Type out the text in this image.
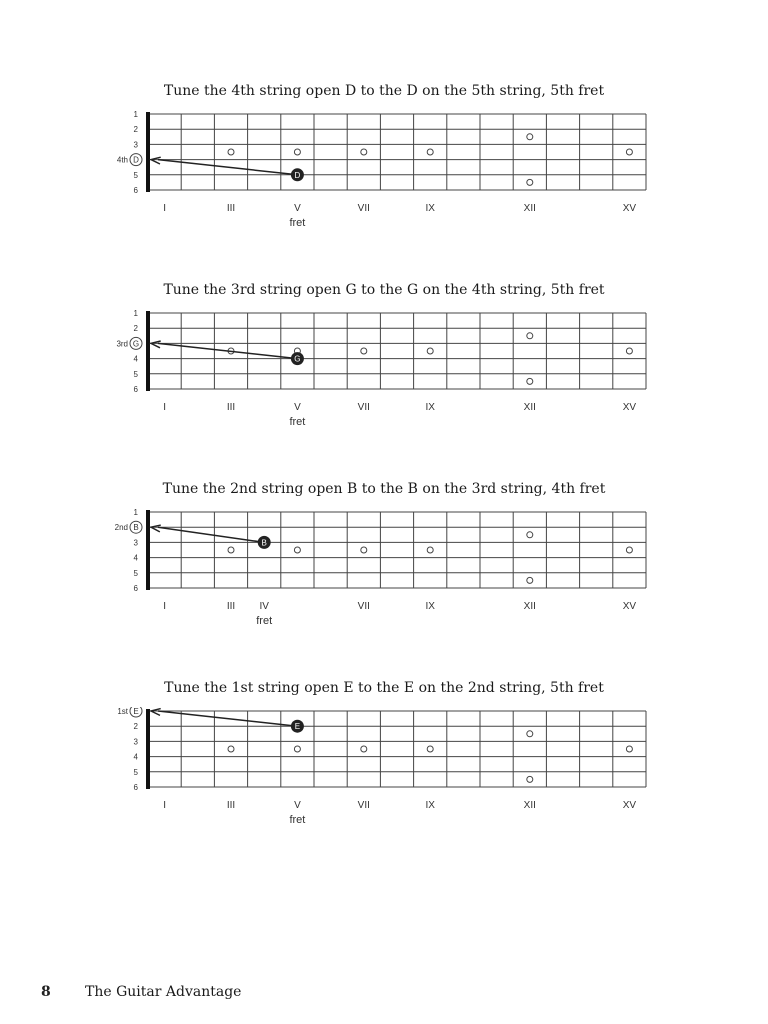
Tune the 4th string open D to the D on the 5th string, 5th fret
1
2
3
5
6
4th D
D
I	III	V	VII	IX	XII	XV
fret
Tune the 3rd string open G to the G on the 4th string, 5th fret
1
2
4
5
6
3rd G
G
I	III	V	VII	IX	XII	XV
fret
Tune the 2nd string open B to the B on the 3rd string, 4th fret
1
3
4
5
6
2nd B
B
I	III IV	VII	IX	XII	XV
fret
Tune the 1st string open E to the E on the 2nd string, 5th fret
2
3
4
5
6
1st E
E
I	III	V	VII	IX	XII	XV
fret
8 The Guitar Advantage
